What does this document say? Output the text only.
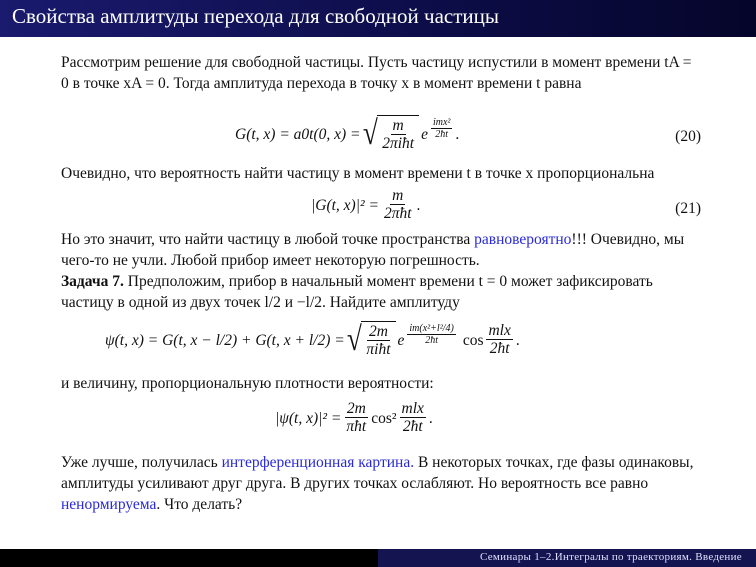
Свойства амплитуды перехода для свободной частицы

Рассмотрим решение для свободной частицы. Пусть частицу испустили в момент времени tA = 0 в точке xA = 0. Тогда амплитуда перехода в точку x в момент времени t равна

G(t, x) = a0t(0, x) = √ $\frac{m}{\text{2πiħt}}$ e $\frac{\text{imx²}}{2ħt}$ .	(20)

Очевидно, что вероятность найти частицу в момент времени t в точке x пропорциональна

|G(t, $x)|^2 = \frac{m}{\text{2πħt}}$ .	(21)

Но это значит, что найти частицу в любой точке пространства равновероятно!!! Очевидно, мы чего-то не учли. Любой прибор имеет некоторую погрешность.

Задача 7. Предположим, прибор в начальный момент времени t = 0 может зафиксировать частицу в одной из двух точек l/2 и −l/2. Найдите амплитуду

ψ(t, x) = G(t, x − l/2) + G(t, x + l/2) = √ $\frac{2m}{\text{πiħt}}$ e $\frac{\text{im(x²+l²/4)}}{2ħt}$ $\cos \frac{\text{mlx}}{2ħt}$ .

и величину, пропорциональную плотности вероятности:

|ψ(t, $x)|^2 = \frac{2m}{\text{πħt}} \cos^2 \frac{\text{mlx}}{2ħt}$ .

Уже лучше, получилась интерференционная картина. В некоторых точках, где фазы одинаковы, амплитуды усиливают друг друга. В других точках ослабляют. Но вероятность все равно ненормируема. Что делать?

Семинары 1–2.Интегралы по траекториям. Введение
